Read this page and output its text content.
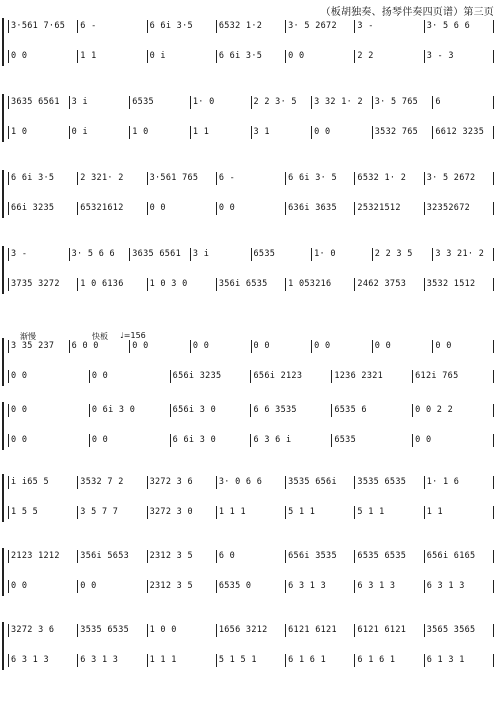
（板胡独奏、扬琴伴奏四页谱）第三页
3·561 7·65	6 -	6 6i 3·5	6532 1·2	3· 5 2672	3 -	3· 5 6 6
0 0	1 1	0 i	6 6i 3·5	0 0	2 2	3 - 3
3635 6561	3 i	6535	1· 0	2 2 3· 5	3 32 1· 2	3· 5 765	6
1 0	0 i	1 0	1 1	3 1	0 0	3532 765	6612 3235
6 6i 3·5	2 321· 2	3·561 765	6 -	6 6i 3· 5	6532 1· 2	3· 5 2672
66i 3235	65321612	0 0	0 0	636i 3635	25321512	32352672
3 -	3· 5 6 6	3635 6561	3 i	6535	1· 0	2 2 3 5	3 3 21· 2
3735 3272	1 0 6136	1 0 3 0	356i 6535	1 053216	2462 3753	3532 1512
3 35 237	6 0 0	0 0	0 0	0 0	0 0	0 0	0 0
0 0	0 0	656i 3235	656i 2123	1236 2321	612i 765
0 0	0 6i 3 0	656i 3 0	6 6 3535	6535 6	0 0 2 2
0 0	0 0	6 6i 3 0	6 3 6 i	6535	0 0
i i65 5	3532 7 2	3272 3 6	3· 0 6 6	3535 656i	3535 6535	1· 1 6
1 5 5	3 5 7 7	3272 3 0	1 1 1	5 1 1	5 1 1	1 1
2123 1212	356i 5653	2312 3 5	6 0	656i 3535	6535 6535	656i 6165
0 0	0 0	2312 3 5	6535 0	6 3 1 3	6 3 1 3	6 3 1 3
3272 3 6	3535 6535	1 0 0	1656 3212	6121 6121	6121 6121	3565 3565
6 3 1 3	6 3 1 3	1 1 1	5 1 5 1	6 1 6 1	6 1 6 1	6 1 3 1
渐慢	快板 ♩=156
